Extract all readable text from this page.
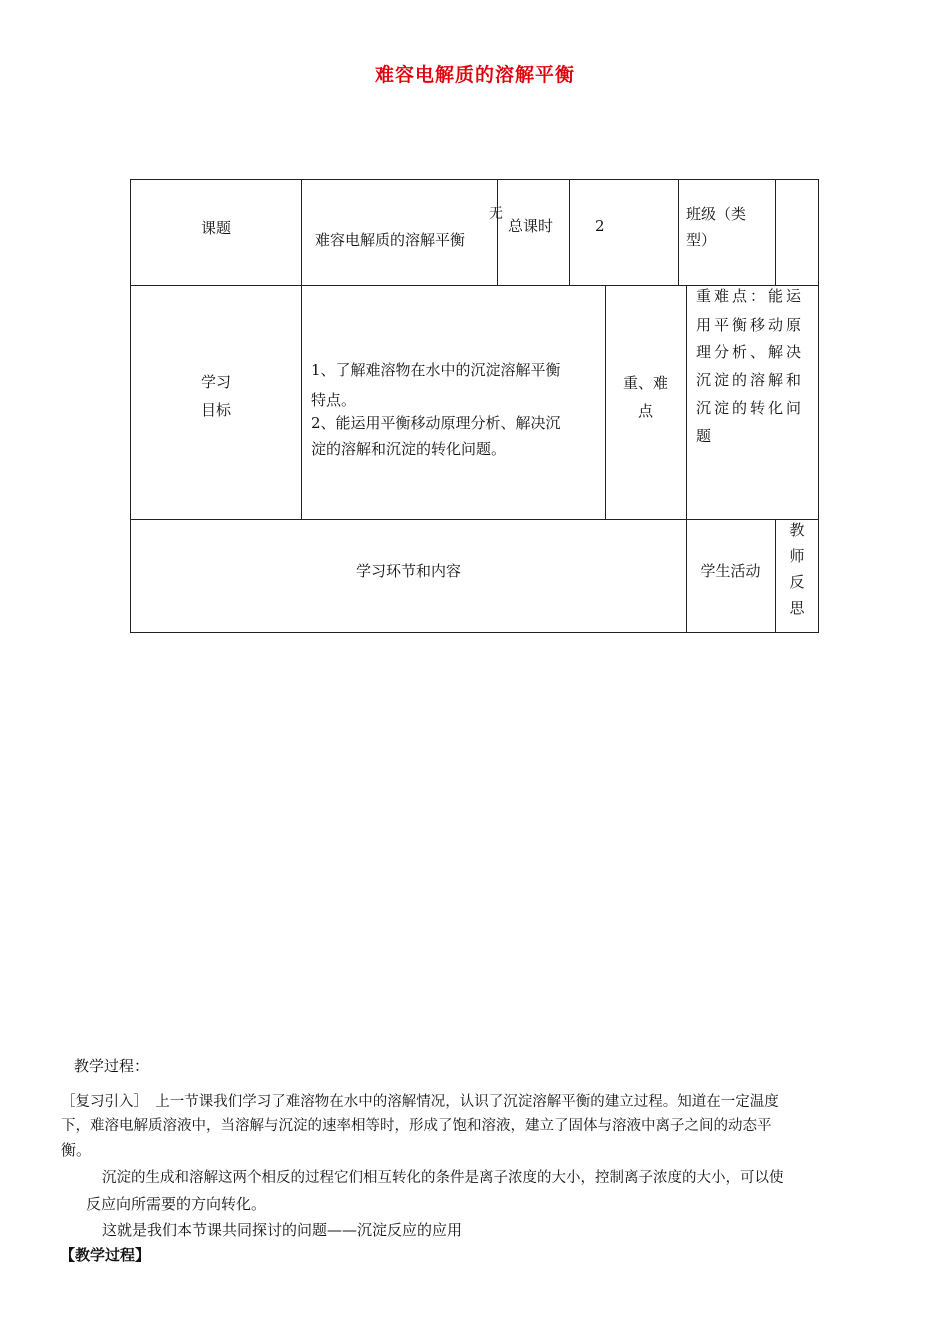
难容电解质的溶解平衡
课题
无
难容电解质的溶解平衡
总课时	2
班级（类
型）
学习
目标
1、了解难溶物在水中的沉淀溶解平衡
特点。
2、能运用平衡移动原理分析、解决沉
淀的溶解和沉淀的转化问题。
重、难
点
重难点：能运
用平衡移动原
理分析、解决
沉淀的溶解和
沉淀的转化问
题
学习环节和内容	学生活动
教
师
反
思
教学过程：
［复习引入］　上一节课我们学习了难溶物在水中的溶解情况，认识了沉淀溶解平衡的建立过程。知道在一定温度
下，难溶电解质溶液中，当溶解与沉淀的速率相等时，形成了饱和溶液，建立了固体与溶液中离子之间的动态平
衡。
沉淀的生成和溶解这两个相反的过程它们相互转化的条件是离子浓度的大小，控制离子浓度的大小，可以使
反应向所需要的方向转化。
这就是我们本节课共同探讨的问题——沉淀反应的应用
【教学过程】
